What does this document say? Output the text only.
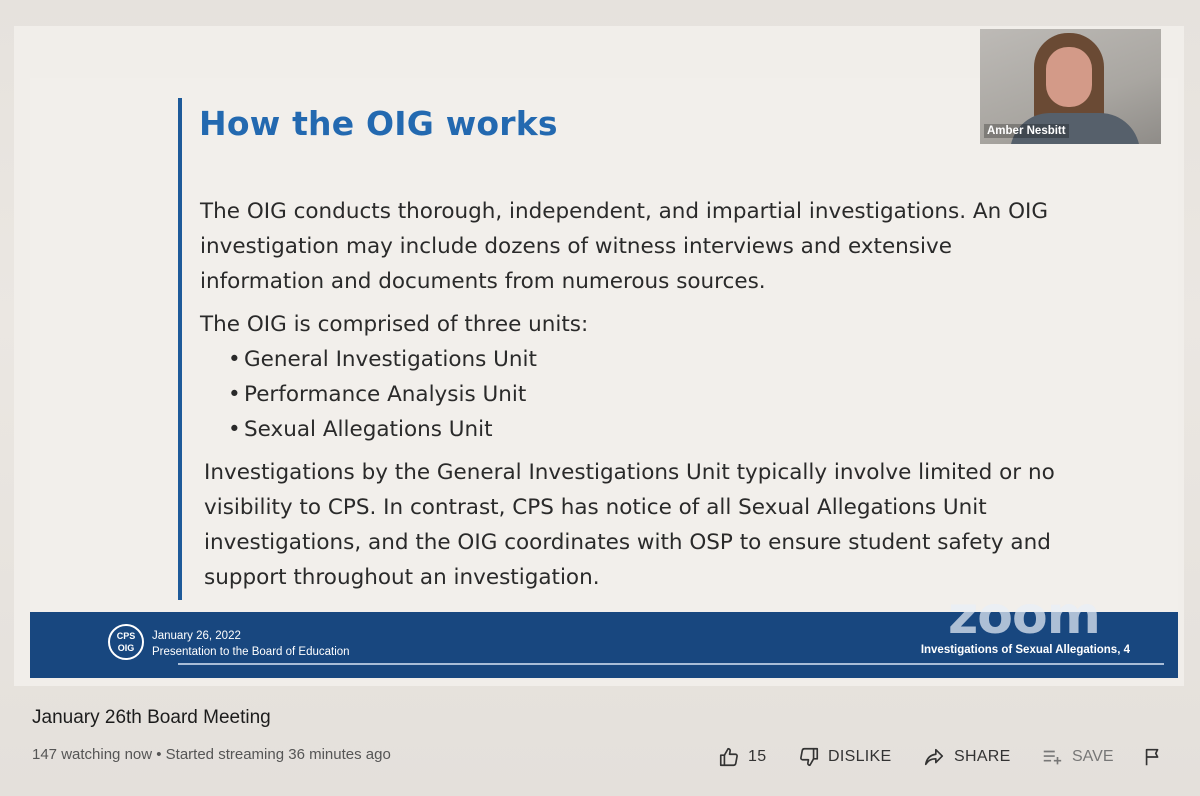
How the OIG works

The OIG conducts thorough, independent, and impartial investigations. An OIG investigation may include dozens of witness interviews and extensive information and documents from numerous sources.

The OIG is comprised of three units:

• General Investigations Unit
• Performance Analysis Unit
• Sexual Allegations Unit

Investigations by the General Investigations Unit typically involve limited or no visibility to CPS. In contrast, CPS has notice of all Sexual Allegations Unit investigations, and the OIG coordinates with OSP to ensure student safety and support throughout an investigation.

CPS
OIG
January 26, 2022
Presentation to the Board of Education	Investigations of Sexual Allegations, 4
zoom
Amber Nesbitt
January 26th Board Meeting
147 watching now • Started streaming 36 minutes ago	15	DISLIKE	SHARE	SAVE
